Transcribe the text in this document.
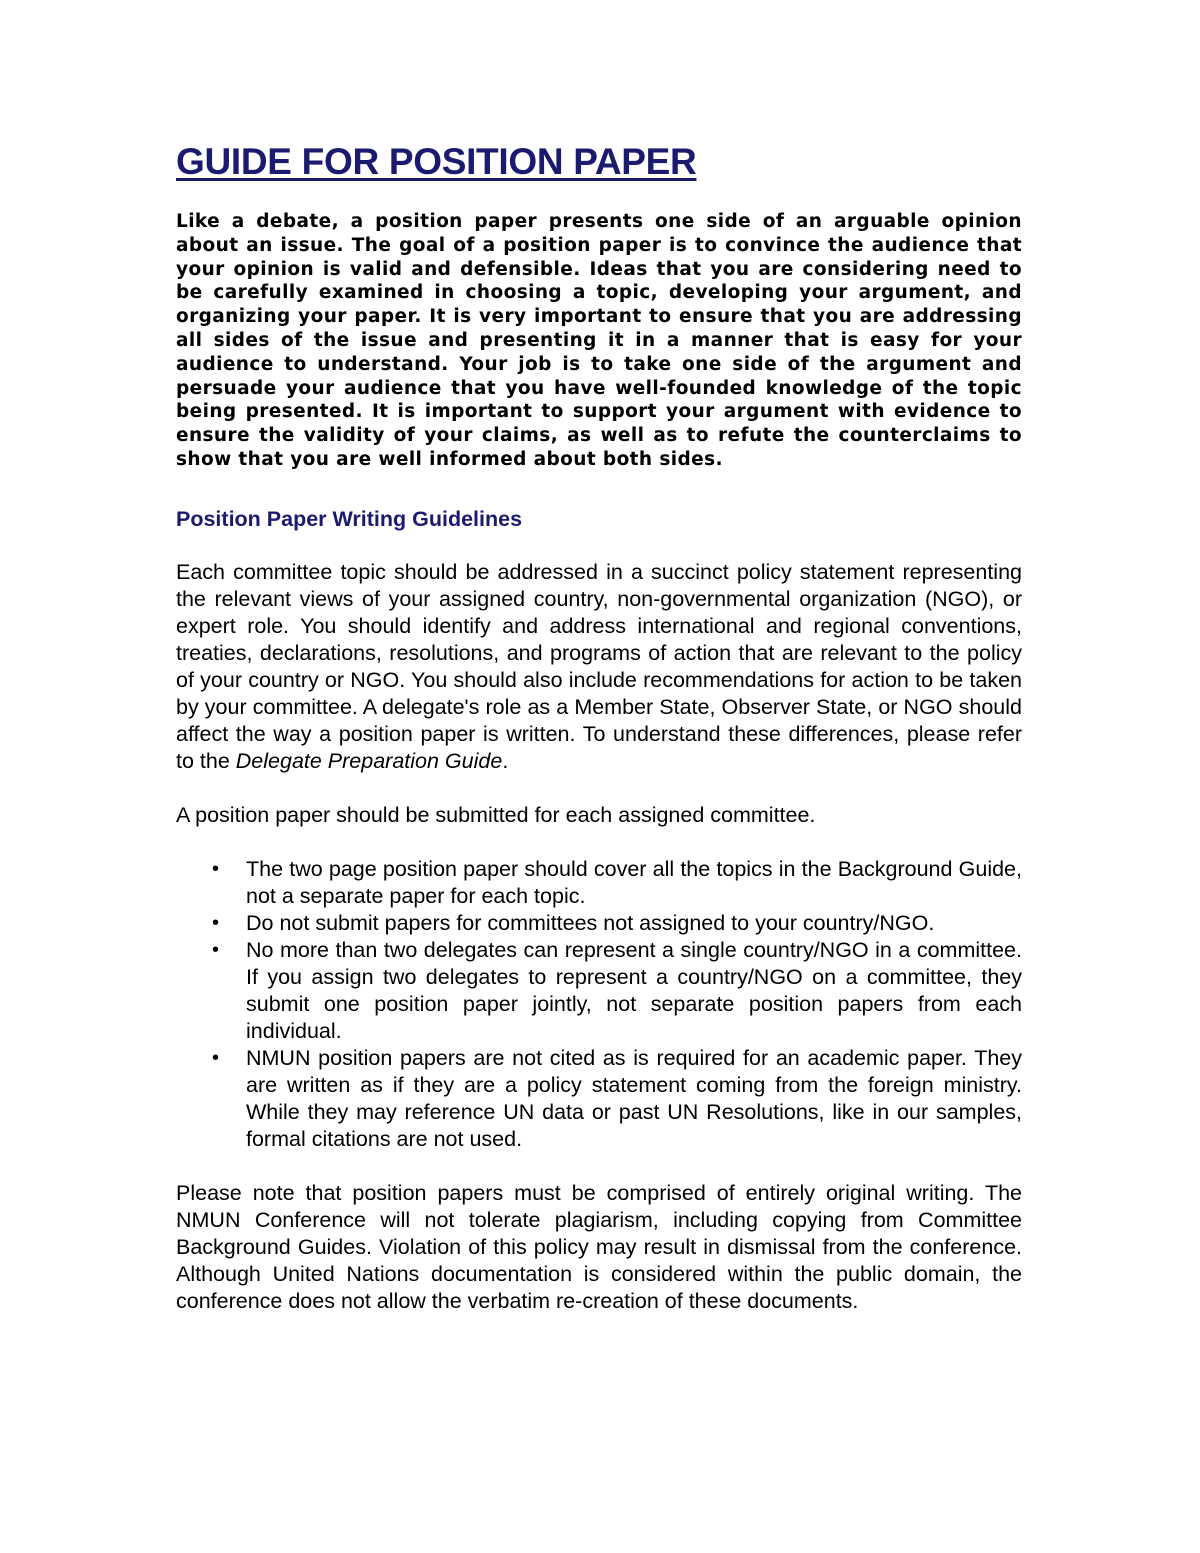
GUIDE FOR POSITION PAPER

Like a debate, a position paper presents one side of an arguable opinion about an issue. The goal of a position paper is to convince the audience that your opinion is valid and defensible. Ideas that you are considering need to be carefully examined in choosing a topic, developing your argument, and organizing your paper. It is very important to ensure that you are addressing all sides of the issue and presenting it in a manner that is easy for your audience to understand. Your job is to take one side of the argument and persuade your audience that you have well-founded knowledge of the topic being presented. It is important to support your argument with evidence to ensure the validity of your claims, as well as to refute the counterclaims to show that you are well informed about both sides.

Position Paper Writing Guidelines

Each committee topic should be addressed in a succinct policy statement representing the relevant views of your assigned country, non-governmental organization (NGO), or expert role. You should identify and address international and regional conventions, treaties, declarations, resolutions, and programs of action that are relevant to the policy of your country or NGO. You should also include recommendations for action to be taken by your committee. A delegate's role as a Member State, Observer State, or NGO should affect the way a position paper is written. To understand these differences, please refer to the Delegate Preparation Guide.

A position paper should be submitted for each assigned committee.

• The two page position paper should cover all the topics in the Background Guide, not a separate paper for each topic.
• Do not submit papers for committees not assigned to your country/NGO.
• No more than two delegates can represent a single country/NGO in a committee. If you assign two delegates to represent a country/NGO on a committee, they submit one position paper jointly, not separate position papers from each individual.
• NMUN position papers are not cited as is required for an academic paper. They are written as if they are a policy statement coming from the foreign ministry. While they may reference UN data or past UN Resolutions, like in our samples, formal citations are not used.

Please note that position papers must be comprised of entirely original writing. The NMUN Conference will not tolerate plagiarism, including copying from Committee Background Guides. Violation of this policy may result in dismissal from the conference. Although United Nations documentation is considered within the public domain, the conference does not allow the verbatim re-creation of these documents.
